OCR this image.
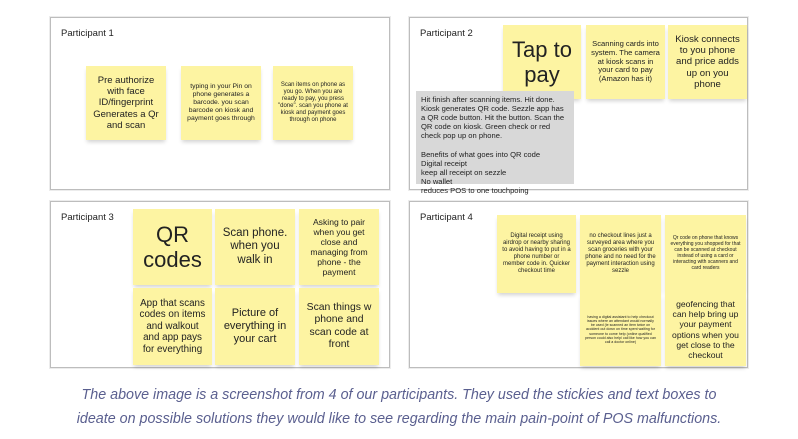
Participant 1
Pre authorize with face ID/fingerprint Generates a Qr and scan
typing in your Pin on phone generates a barcode. you scan barcode on kiosk and payment goes through
Scan items on phone as you go. When you are ready to pay, you press "done". scan you phone at kiosk and payment goes through on phone
Participant 2
Tap to pay
Scanning cards into system. The camera at kiosk scans in your card to pay (Amazon has it)
Kiosk connects to you phone and price adds up on you phone

Hit finish after scanning items. Hit done. Kiosk generates QR code. Sezzle app has a QR code button. Hit the button. Scan the QR code on kiosk. Green check or red check pop up on phone.

Benefits of what goes into QR code

Digital receipt

keep all receipt on sezzle

No wallet

reduces POS to one touchpoing

Participant 3
QR codes
Scan phone. when you walk in
Asking to pair when you get close and managing from phone - the payment
App that scans codes on items and walkout and app pays for everything
Picture of everything in your cart
Scan things w phone and scan code at front
Participant 4
Digital receipt using airdrop or nearby sharing to avoid having to put in a phone number or member code in. Quicker checkout time
no checkout lines just a surveyed area where you scan groceries with your phone and no need for the payment interaction using sezzle
Qr code on phone that knows everything you shopped for that can be scanned at checkout instead of using a card or interacting with scanners and card readers
having a digital assistant to help checkout issues where an attendant would normally be used (ie scanned an item twice on accident out down on time spent waiting for someone to come help (online qualified person could also help/ call like how you can call a doctor online)
geofencing that can help bring up your payment options when you get close to the checkout
The above image is a screenshot from 4 of our participants. They used the stickies and text boxes to
ideate on possible solutions they would like to see regarding the main pain-point of POS malfunctions.
